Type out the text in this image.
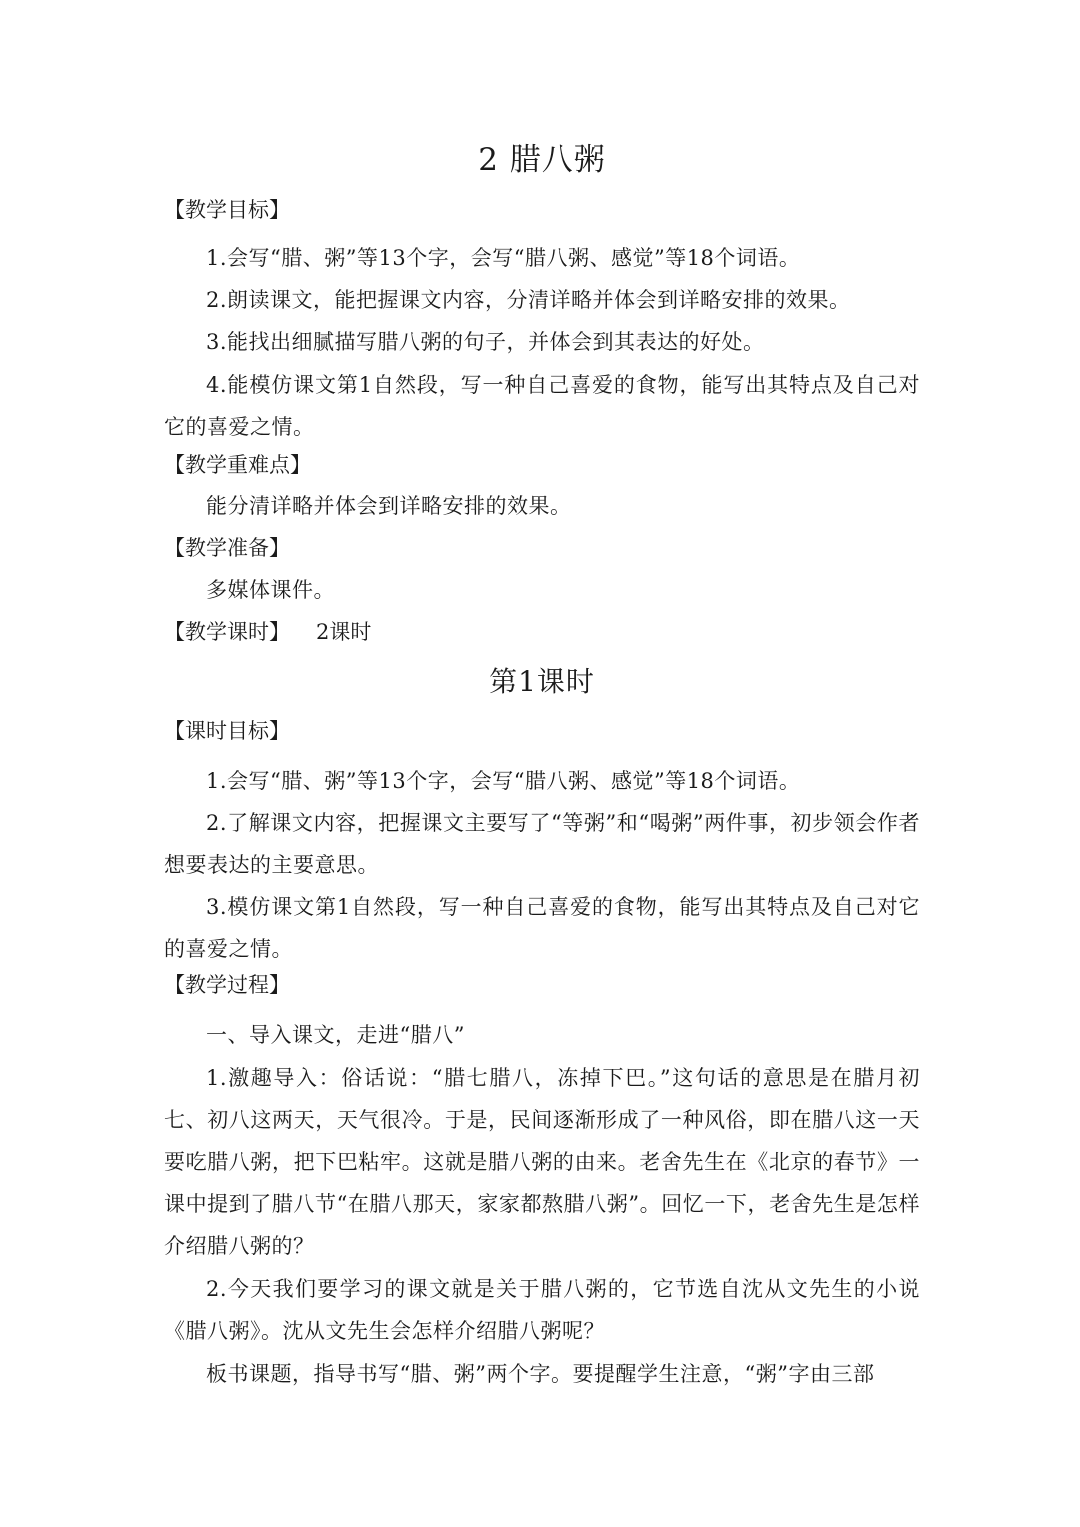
2 腊八粥
【教学目标】
1.会写“腊、粥”等13个字，会写“腊八粥、感觉”等18个词语。
2.朗读课文，能把握课文内容，分清详略并体会到详略安排的效果。
3.能找出细腻描写腊八粥的句子，并体会到其表达的好处。
4.能模仿课文第1自然段，写一种自己喜爱的食物，能写出其特点及自己对它的喜爱之情。
【教学重难点】
能分清详略并体会到详略安排的效果。
【教学准备】
多媒体课件。
【教学课时】 2课时
第1课时
【课时目标】
1.会写“腊、粥”等13个字，会写“腊八粥、感觉”等18个词语。
2.了解课文内容，把握课文主要写了“等粥”和“喝粥”两件事，初步领会作者想要表达的主要意思。
3.模仿课文第1自然段，写一种自己喜爱的食物，能写出其特点及自己对它的喜爱之情。
【教学过程】
一、导入课文，走进“腊八”
1.激趣导入：俗话说：“腊七腊八，冻掉下巴。”这句话的意思是在腊月初七、初八这两天，天气很冷。于是，民间逐渐形成了一种风俗，即在腊八这一天要吃腊八粥，把下巴粘牢。这就是腊八粥的由来。老舍先生在《北京的春节》一课中提到了腊八节“在腊八那天，家家都熬腊八粥”。回忆一下，老舍先生是怎样介绍腊八粥的？
2.今天我们要学习的课文就是关于腊八粥的，它节选自沈从文先生的小说《腊八粥》。沈从文先生会怎样介绍腊八粥呢？
板书课题，指导书写“腊、粥”两个字。要提醒学生注意，“粥”字由三部
